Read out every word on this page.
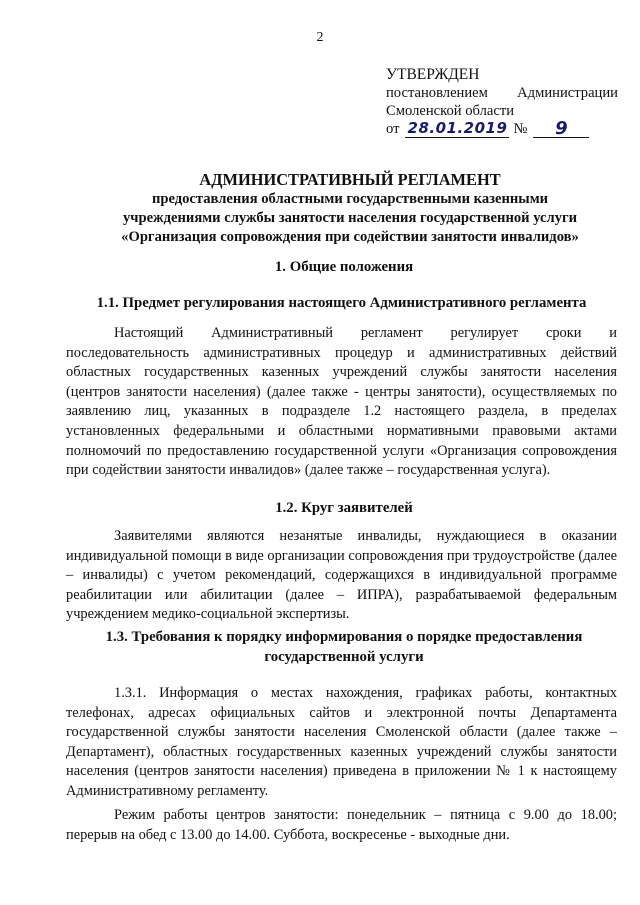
2
УТВЕРЖДЕН
постановлением Администрации
Смоленской области
от 28.01.2019 №	9
АДМИНИСТРАТИВНЫЙ РЕГЛАМЕНТ
предоставления областными государственными казенными
учреждениями службы занятости населения государственной услуги
«Организация сопровождения при содействии занятости инвалидов»
1. Общие положения
1.1. Предмет регулирования настоящего Административного регламента

Настоящий Административный регламент регулирует сроки и последовательность административных процедур и административных действий областных государственных казенных учреждений службы занятости населения (центров занятости населения) (далее также - центры занятости), осуществляемых по заявлению лиц, указанных в подразделе 1.2 настоящего раздела, в пределах установленных федеральными и областными нормативными правовыми актами полномочий по предоставлению государственной услуги «Организация сопровождения при содействии занятости инвалидов» (далее также – государственная услуга).

1.2. Круг заявителей

Заявителями являются незанятые инвалиды, нуждающиеся в оказании индивидуальной помощи в виде организации сопровождения при трудоустройстве (далее – инвалиды) с учетом рекомендаций, содержащихся в индивидуальной программе реабилитации или абилитации (далее – ИПРА), разрабатываемой федеральным учреждением медико-социальной экспертизы.

1.3. Требования к порядку информирования о порядке предоставления
государственной услуги

1.3.1. Информация о местах нахождения, графиках работы, контактных телефонах, адресах официальных сайтов и электронной почты Департамента государственной службы занятости населения Смоленской области (далее также – Департамент), областных государственных казенных учреждений службы занятости населения (центров занятости населения) приведена в приложении № 1 к настоящему Административному регламенту.

Режим работы центров занятости: понедельник – пятница с 9.00 до 18.00; перерыв на обед с 13.00 до 14.00. Суббота, воскресенье - выходные дни.
